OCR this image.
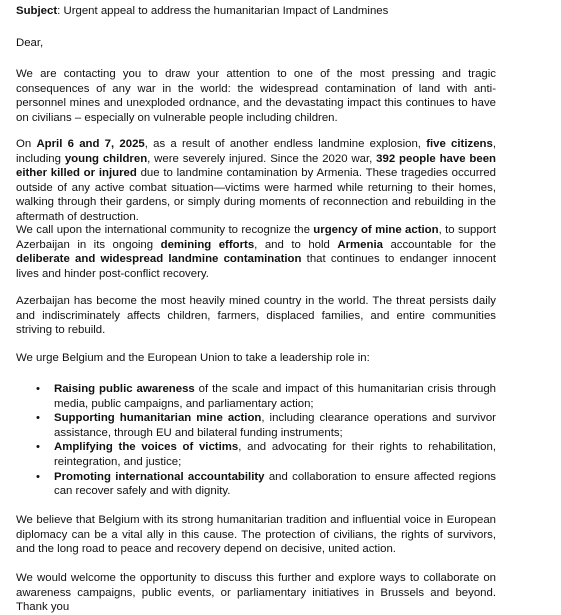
Subject: Urgent appeal to address the humanitarian Impact of Landmines

Dear,

We are contacting you to draw your attention to one of the most pressing and tragic consequences of any war in the world: the widespread contamination of land with anti-personnel mines and unexploded ordnance, and the devastating impact this continues to have on civilians – especially on vulnerable people including children.

On April 6 and 7, 2025, as a result of another endless landmine explosion, five citizens, including young children, were severely injured. Since the 2020 war, 392 people have been either killed or injured due to landmine contamination by Armenia. These tragedies occurred outside of any active combat situation—victims were harmed while returning to their homes, walking through their gardens, or simply during moments of reconnection and rebuilding in the aftermath of destruction.

We call upon the international community to recognize the urgency of mine action, to support Azerbaijan in its ongoing demining efforts, and to hold Armenia accountable for the deliberate and widespread landmine contamination that continues to endanger innocent lives and hinder post-conflict recovery.

Azerbaijan has become the most heavily mined country in the world. The threat persists daily and indiscriminately affects children, farmers, displaced families, and entire communities striving to rebuild.

We urge Belgium and the European Union to take a leadership role in:

• Raising public awareness of the scale and impact of this humanitarian crisis through media, public campaigns, and parliamentary action;
• Supporting humanitarian mine action, including clearance operations and survivor assistance, through EU and bilateral funding instruments;
• Amplifying the voices of victims, and advocating for their rights to rehabilitation, reintegration, and justice;
• Promoting international accountability and collaboration to ensure affected regions can recover safely and with dignity.

We believe that Belgium with its strong humanitarian tradition and influential voice in European diplomacy can be a vital ally in this cause. The protection of civilians, the rights of survivors, and the long road to peace and recovery depend on decisive, united action.

We would welcome the opportunity to discuss this further and explore ways to collaborate on awareness campaigns, public events, or parliamentary initiatives in Brussels and beyond. Thank you
